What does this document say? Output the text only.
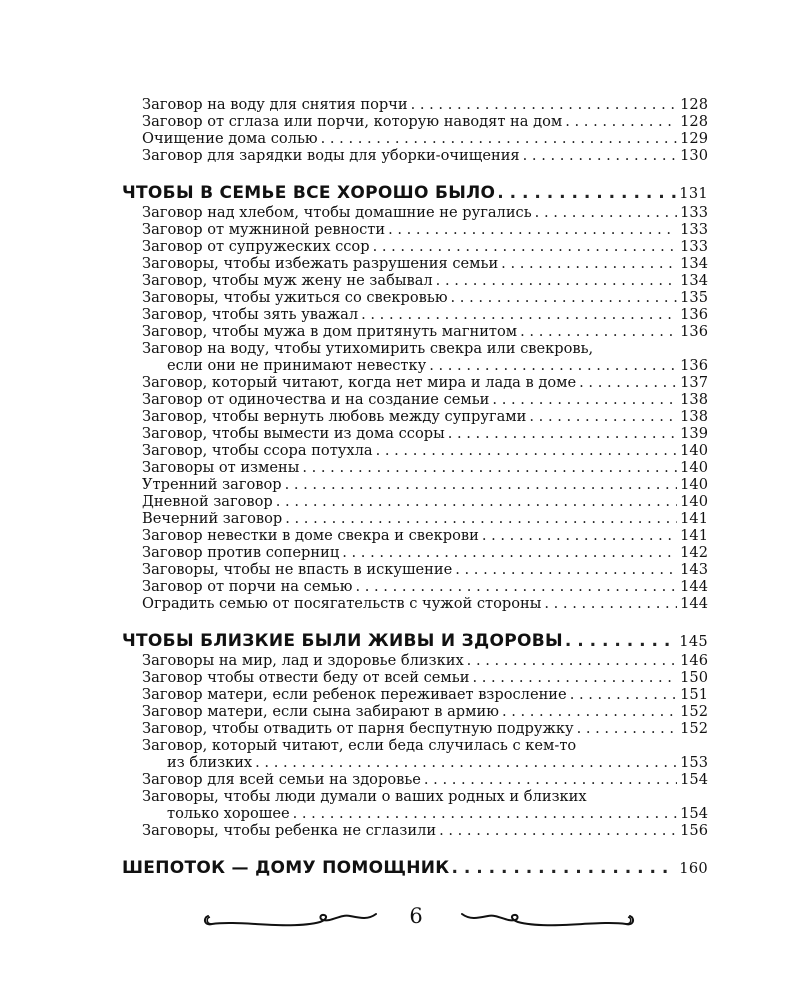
Заговор на воду для снятия порчи . . .	128
Заговор от сглаза или порчи, которую наводят на дом . . .	128
Очищение дома солью . . .	129
Заговор для зарядки воды для уборки-очищения . . .	130
ЧТОБЫ В СЕМЬЕ ВСЕ ХОРОШО БЫЛО . . .	131
Заговор над хлебом, чтобы домашние не ругались . . .	133
Заговор от мужниной ревности . . .	133
Заговор от супружеских ссор . . .	133
Заговоры, чтобы избежать разрушения семьи . . .	134
Заговор, чтобы муж жену не забывал . . .	134
Заговоры, чтобы ужиться со свекровью . . .	135
Заговор, чтобы зять уважал . . .	136
Заговор, чтобы мужа в дом притянуть магнитом . . .	136
Заговор на воду, чтобы утихомирить свекра или свекровь,
если они не принимают невестку . . .	136
Заговор, который читают, когда нет мира и лада в доме . . .	137
Заговор от одиночества и на создание семьи . . .	138
Заговор, чтобы вернуть любовь между супругами . . .	138
Заговор, чтобы вымести из дома ссоры . . .	139
Заговор, чтобы ссора потухла . . .	140
Заговоры от измены . . .	140
Утренний заговор . . .	140
Дневной заговор . . .	140
Вечерний заговор . . .	141
Заговор невестки в доме свекра и свекрови . . .	141
Заговор против соперниц . . .	142
Заговоры, чтобы не впасть в искушение . . .	143
Заговор от порчи на семью . . .	144
Оградить семью от посягательств с чужой стороны . . .	144
ЧТОБЫ БЛИЗКИЕ БЫЛИ ЖИВЫ И ЗДОРОВЫ . . .	145
Заговоры на мир, лад и здоровье близких . . .	146
Заговор чтобы отвести беду от всей семьи . . .	150
Заговор матери, если ребенок переживает взросление . . .	151
Заговор матери, если сына забирают в армию . . .	152
Заговор, чтобы отвадить от парня беспутную подружку . . .	152
Заговор, который читают, если беда случилась с кем-то
из близких . . .	153
Заговор для всей семьи на здоровье . . .	154
Заговоры, чтобы люди думали о ваших родных и близких
только хорошее . . .	154
Заговоры, чтобы ребенка не сглазили . . .	156
ШЕПОТОК — ДОМУ ПОМОЩНИК . . .	160
6
